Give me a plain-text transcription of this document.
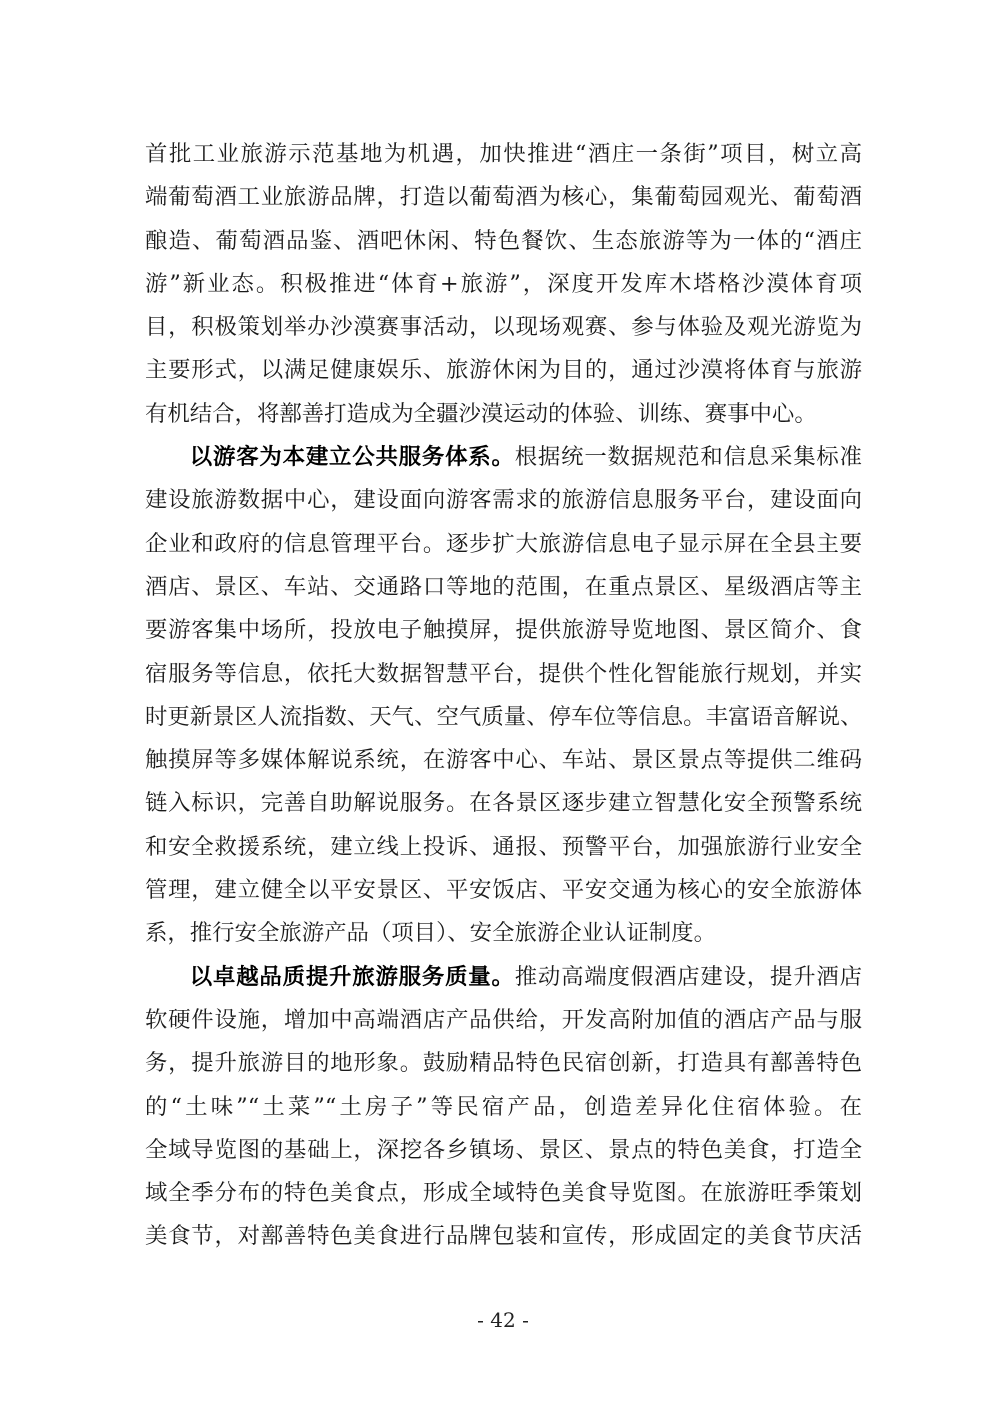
首批工业旅游示范基地为机遇，加快推进“酒庄一条街”项目，树立高
端葡萄酒工业旅游品牌，打造以葡萄酒为核心，集葡萄园观光、葡萄酒
酿造、葡萄酒品鉴、酒吧休闲、特色餐饮、生态旅游等为一体的“酒庄
游”新业态。积极推进“体育+旅游”，深度开发库木塔格沙漠体育项
目，积极策划举办沙漠赛事活动，以现场观赛、参与体验及观光游览为
主要形式，以满足健康娱乐、旅游休闲为目的，通过沙漠将体育与旅游
有机结合，将鄯善打造成为全疆沙漠运动的体验、训练、赛事中心。
以游客为本建立公共服务体系。根据统一数据规范和信息采集标准
建设旅游数据中心，建设面向游客需求的旅游信息服务平台，建设面向
企业和政府的信息管理平台。逐步扩大旅游信息电子显示屏在全县主要
酒店、景区、车站、交通路口等地的范围，在重点景区、星级酒店等主
要游客集中场所，投放电子触摸屏，提供旅游导览地图、景区简介、食
宿服务等信息，依托大数据智慧平台，提供个性化智能旅行规划，并实
时更新景区人流指数、天气、空气质量、停车位等信息。丰富语音解说、
触摸屏等多媒体解说系统，在游客中心、车站、景区景点等提供二维码
链入标识，完善自助解说服务。在各景区逐步建立智慧化安全预警系统
和安全救援系统，建立线上投诉、通报、预警平台，加强旅游行业安全
管理，建立健全以平安景区、平安饭店、平安交通为核心的安全旅游体
系，推行安全旅游产品（项目）、安全旅游企业认证制度。
以卓越品质提升旅游服务质量。推动高端度假酒店建设，提升酒店
软硬件设施，增加中高端酒店产品供给，开发高附加值的酒店产品与服
务，提升旅游目的地形象。鼓励精品特色民宿创新，打造具有鄯善特色
的“土味”“土菜”“土房子”等民宿产品，创造差异化住宿体验。在
全域导览图的基础上，深挖各乡镇场、景区、景点的特色美食，打造全
域全季分布的特色美食点，形成全域特色美食导览图。在旅游旺季策划
美食节，对鄯善特色美食进行品牌包装和宣传，形成固定的美食节庆活
- 42 -
